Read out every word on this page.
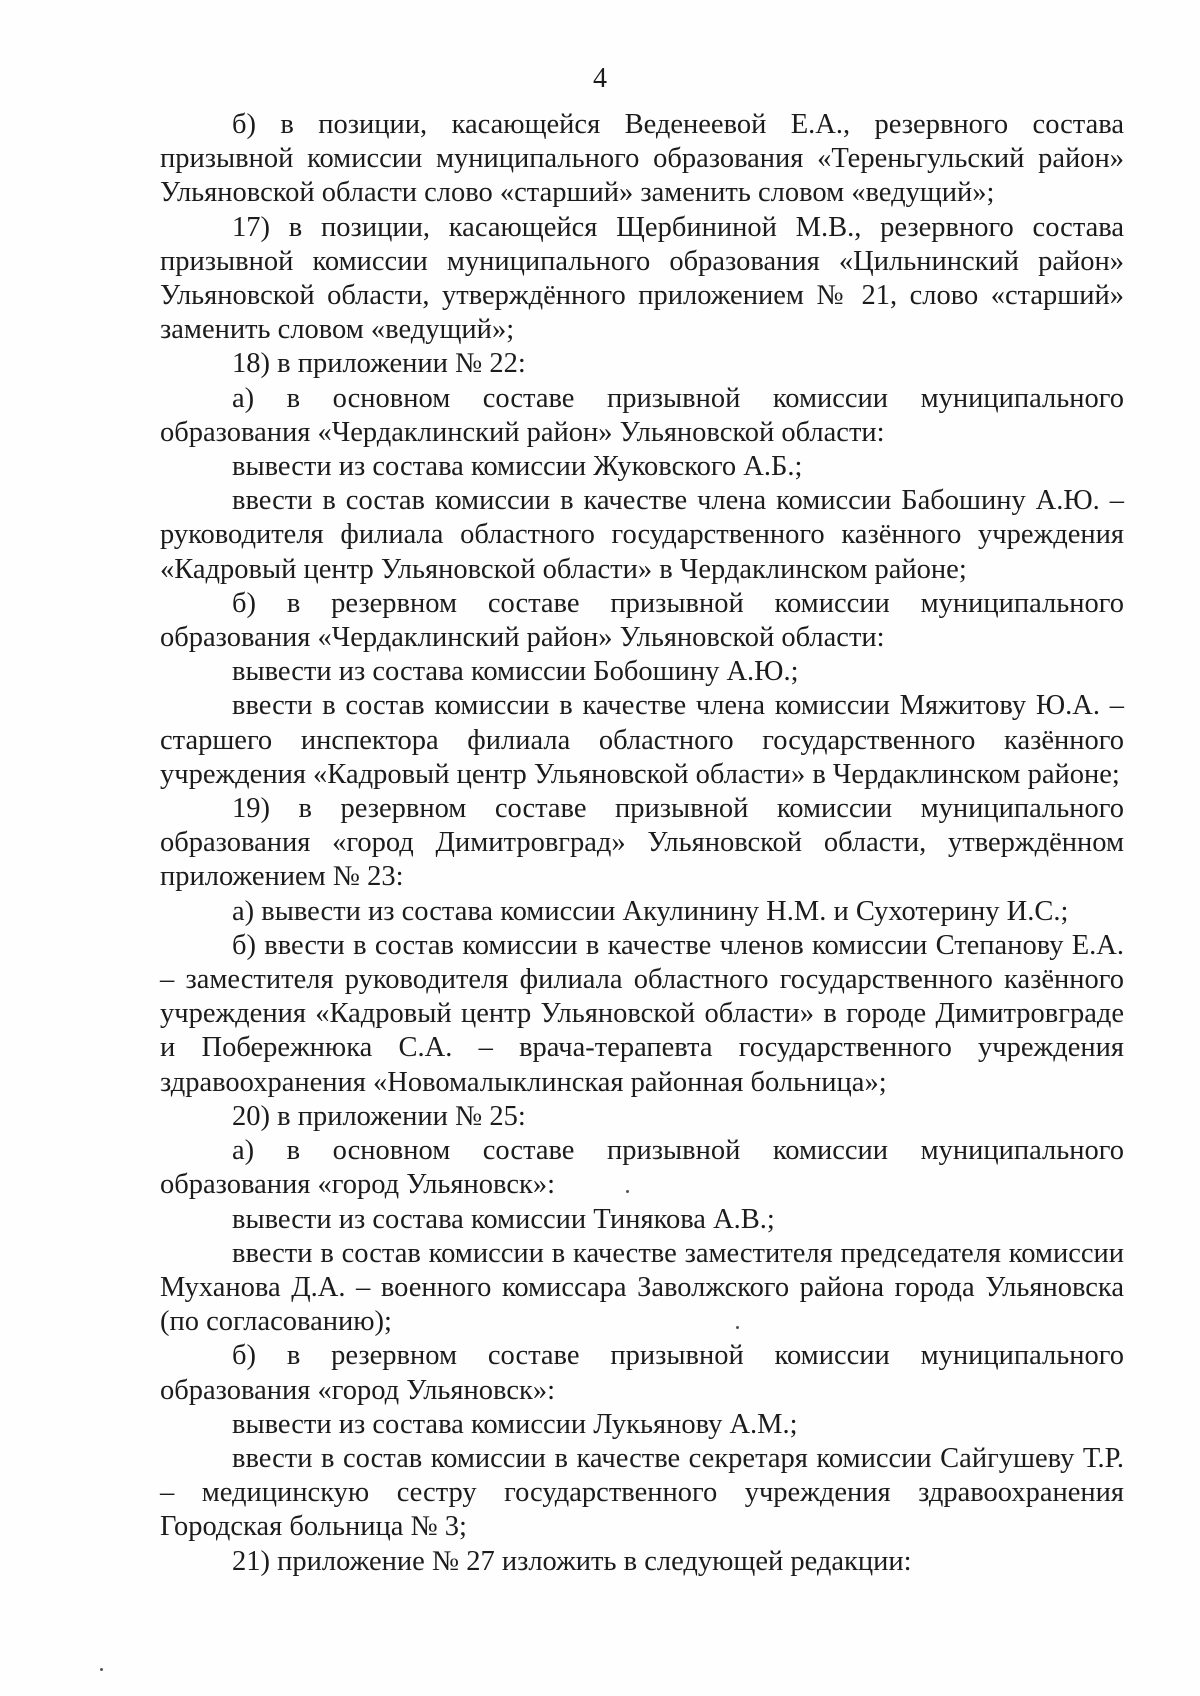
4

б) в позиции, касающейся Веденеевой Е.А., резервного состава призывной комиссии муниципального образования «Тереньгульский район» Ульяновской области слово «старший» заменить словом «ведущий»;

17) в позиции, касающейся Щербининой М.В., резервного состава призывной комиссии муниципального образования «Цильнинский район» Ульяновской области, утверждённого приложением № 21, слово «старший» заменить словом «ведущий»;

18) в приложении № 22:

а) в основном составе призывной комиссии муниципального образования «Чердаклинский район» Ульяновской области:

вывести из состава комиссии Жуковского А.Б.;

ввести в состав комиссии в качестве члена комиссии Бабошину А.Ю. – руководителя филиала областного государственного казённого учреждения «Кадровый центр Ульяновской области» в Чердаклинском районе;

б) в резервном составе призывной комиссии муниципального образования «Чердаклинский район» Ульяновской области:

вывести из состава комиссии Бобошину А.Ю.;

ввести в состав комиссии в качестве члена комиссии Мяжитову Ю.А. – старшего инспектора филиала областного государственного казённого учреждения «Кадровый центр Ульяновской области» в Чердаклинском районе;

19) в резервном составе призывной комиссии муниципального образования «город Димитровград» Ульяновской области, утверждённом приложением № 23:

а) вывести из состава комиссии Акулинину Н.М. и Сухотерину И.С.;

б) ввести в состав комиссии в качестве членов комиссии Степанову Е.А. – заместителя руководителя филиала областного государственного казённого учреждения «Кадровый центр Ульяновской области» в городе Димитровграде и Побережнюка С.А. – врача-терапевта государственного учреждения здравоохранения «Новомалыклинская районная больница»;

20) в приложении № 25:

а) в основном составе призывной комиссии муниципального образования «город Ульяновск»:

вывести из состава комиссии Тинякова А.В.;

ввести в состав комиссии в качестве заместителя председателя комиссии Муханова Д.А. – военного комиссара Заволжского района города Ульяновска (по согласованию);

б) в резервном составе призывной комиссии муниципального образования «город Ульяновск»:

вывести из состава комиссии Лукьянову А.М.;

ввести в состав комиссии в качестве секретаря комиссии Сайгушеву Т.Р. – медицинскую сестру государственного учреждения здравоохранения Городская больница № 3;

21) приложение № 27 изложить в следующей редакции:
